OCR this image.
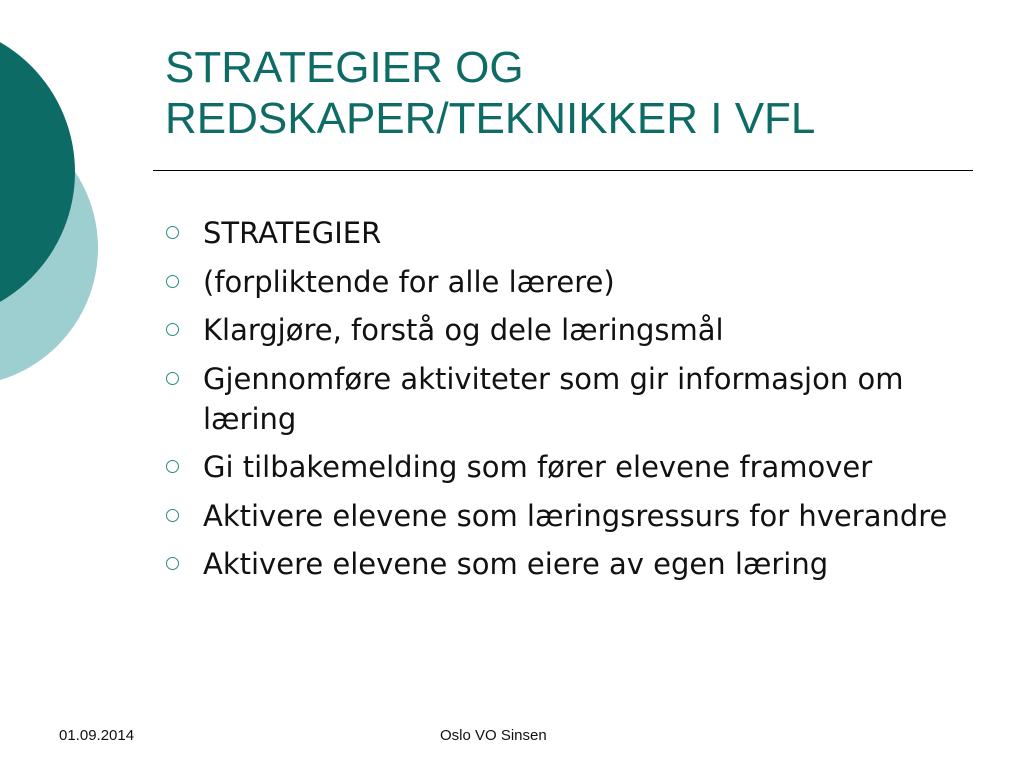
STRATEGIER OG
REDSKAPER/TEKNIKKER I VFL
STRATEGIER
(forpliktende for alle lærere)
Klargjøre, forstå og dele læringsmål
Gjennomføre aktiviteter som gir informasjon om læring
Gi tilbakemelding som fører elevene framover
Aktivere elevene som læringsressurs for hverandre
Aktivere elevene som eiere av egen læring
01.09.2014	Oslo VO Sinsen
